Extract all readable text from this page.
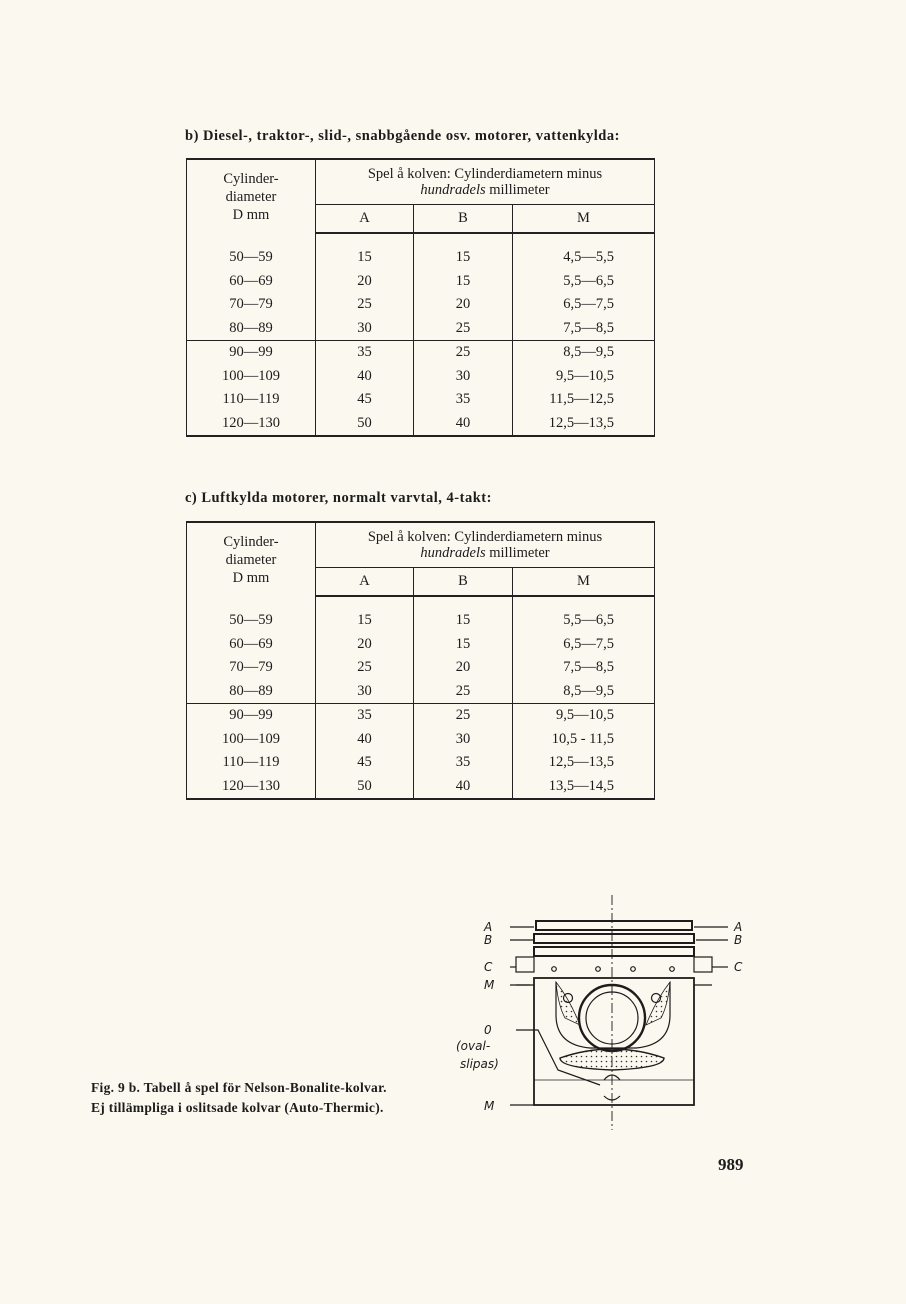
b) Diesel-, traktor-, slid-, snabbgående osv. motorer, vattenkylda:
Cylinder-
diameter
D mm	Spel å kolven: Cylinderdiametern minus
hundradels millimeter		
	A	B	M
50—59	15	15	4,5—5,5
60—69	20	15	5,5—6,5
70—79	25	20	6,5—7,5
80—89	30	25	7,5—8,5
90—99	35	25	8,5—9,5
100—109	40	30	9,5—10,5
110—119	45	35	11,5—12,5
120—130	50	40	12,5—13,5
c) Luftkylda motorer, normalt varvtal, 4-takt:
Cylinder-
diameter
D mm	Spel å kolven: Cylinderdiametern minus
hundradels millimeter		
	A	B	M
50—59	15	15	5,5—6,5
60—69	20	15	6,5—7,5
70—79	25	20	7,5—8,5
80—89	30	25	8,5—9,5
90—99	35	25	9,5—10,5
100—109	40	30	10,5 - 11,5
110—119	45	35	12,5—13,5
120—130	50	40	13,5—14,5
A
B
C
M
A
B
C
0
(oval-
slipas)
M
Fig. 9 b. Tabell å spel för Nelson-Bonalite-kolvar.
Ej tillämpliga i oslitsade kolvar (Auto-Thermic).
989
